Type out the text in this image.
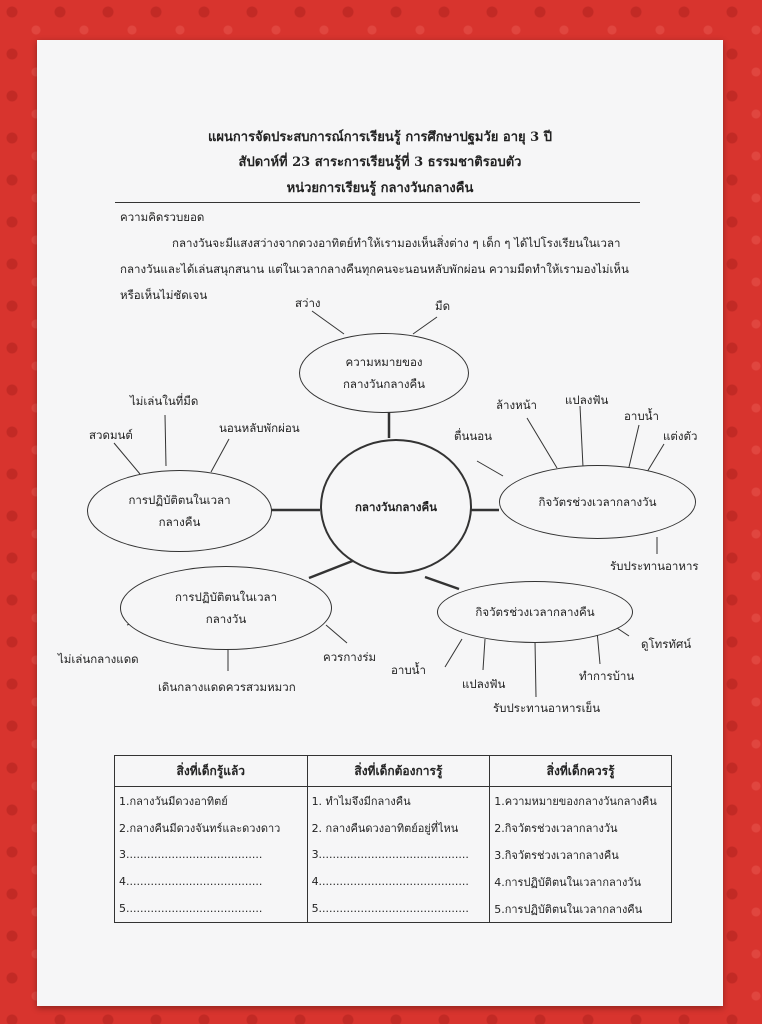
แผนการจัดประสบการณ์การเรียนรู้ การศึกษาปฐมวัย อายุ 3 ปี
สัปดาห์ที่ 23 สาระการเรียนรู้ที่ 3 ธรรมชาติรอบตัว
หน่วยการเรียนรู้ กลางวันกลางคืน
ความคิดรวบยอด
กลางวันจะมีแสงสว่างจากดวงอาทิตย์ทำให้เรามองเห็นสิ่งต่าง ๆ เด็ก ๆ ได้ไปโรงเรียนในเวลา
กลางวันและได้เล่นสนุกสนาน แต่ในเวลากลางคืนทุกคนจะนอนหลับพักผ่อน ความมืดทำให้เรามองไม่เห็น
หรือเห็นไม่ชัดเจน
ความหมายของ
กลางวันกลางคืน
กลางวันกลางคืน
การปฏิบัติตนในเวลา
กลางคืน
กิจวัตรช่วงเวลากลางวัน
การปฏิบัติตนในเวลา
กลางวัน	กิจวัตรช่วงเวลากลางคืน
สว่าง	มืด
สวดมนต์
ไม่เล่นในที่มืด
นอนหลับพักผ่อน
ตื่นนอน
ล้างหน้า แปลงฟัน
อาบน้ำ
แต่งตัว
รับประทานอาหาร
ไม่เล่นกลางแดด
เดินกลางแดดควรสวมหมวก
ควรกางร่ม
อาบน้ำ
แปลงฟัน
รับประทานอาหารเย็น
ทำการบ้าน
ดูโทรทัศน์
สิ่งที่เด็กรู้แล้ว	สิ่งที่เด็กต้องการรู้	สิ่งที่เด็กควรรู้
1.กลางวันมีดวงอาทิตย์	1. ทำไมจึงมีกลางคืน	1.ความหมายของกลางวันกลางคืน
2.กลางคืนมีดวงจันทร์และดวงดาว	2. กลางคืนดวงอาทิตย์อยู่ที่ไหน	2.กิจวัตรช่วงเวลากลางวัน
3.......................................	3...........................................	3.กิจวัตรช่วงเวลากลางคืน
4.......................................	4...........................................	4.การปฏิบัติตนในเวลากลางวัน
5.......................................	5...........................................	5.การปฏิบัติตนในเวลากลางคืน
